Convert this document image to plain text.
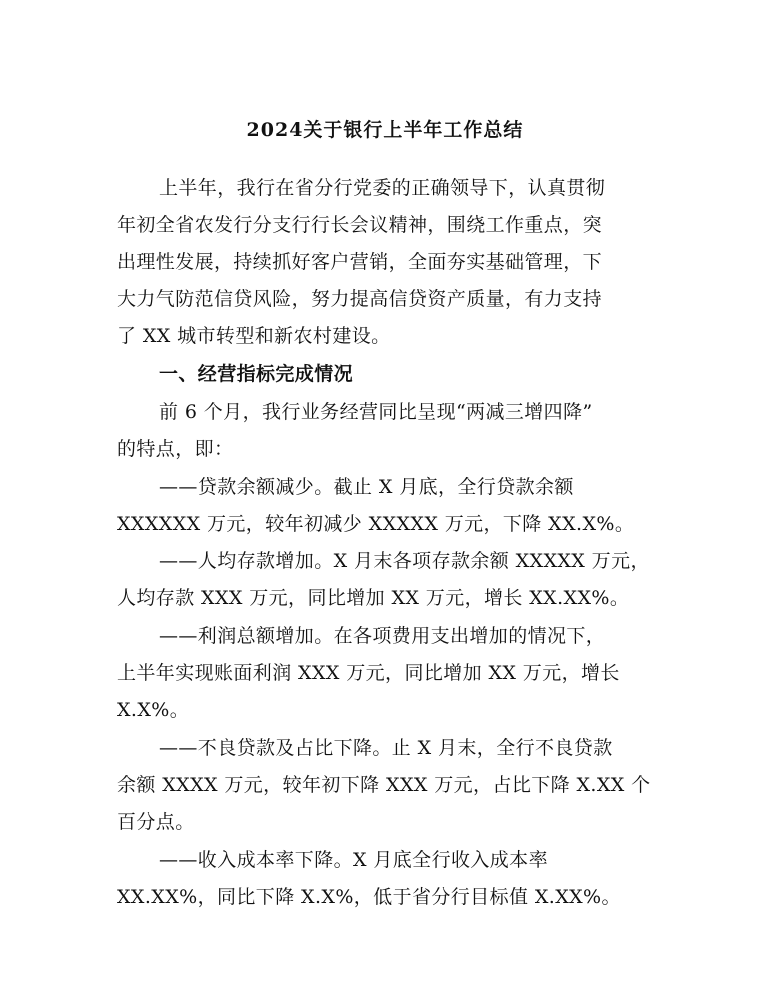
2024关于银行上半年工作总结
上半年，我行在省分行党委的正确领导下，认真贯彻
年初全省农发行分支行行长会议精神，围绕工作重点，突
出理性发展，持续抓好客户营销，全面夯实基础管理，下
大力气防范信贷风险，努力提高信贷资产质量，有力支持
了 XX 城市转型和新农村建设。
一、经营指标完成情况
前 6 个月，我行业务经营同比呈现“两减三增四降”
的特点，即：
——贷款余额减少。截止 X 月底，全行贷款余额
XXXXXX 万元，较年初减少 XXXXX 万元，下降 XX.X%。
——人均存款增加。X 月末各项存款余额 XXXXX 万元，
人均存款 XXX 万元，同比增加 XX 万元，增长 XX.XX%。
——利润总额增加。在各项费用支出增加的情况下，
上半年实现账面利润 XXX 万元，同比增加 XX 万元，增长
X.X%。
——不良贷款及占比下降。止 X 月末，全行不良贷款
余额 XXXX 万元，较年初下降 XXX 万元，占比下降 X.XX 个
百分点。
——收入成本率下降。X 月底全行收入成本率
XX.XX%，同比下降 X.X%，低于省分行目标值 X.XX%。
